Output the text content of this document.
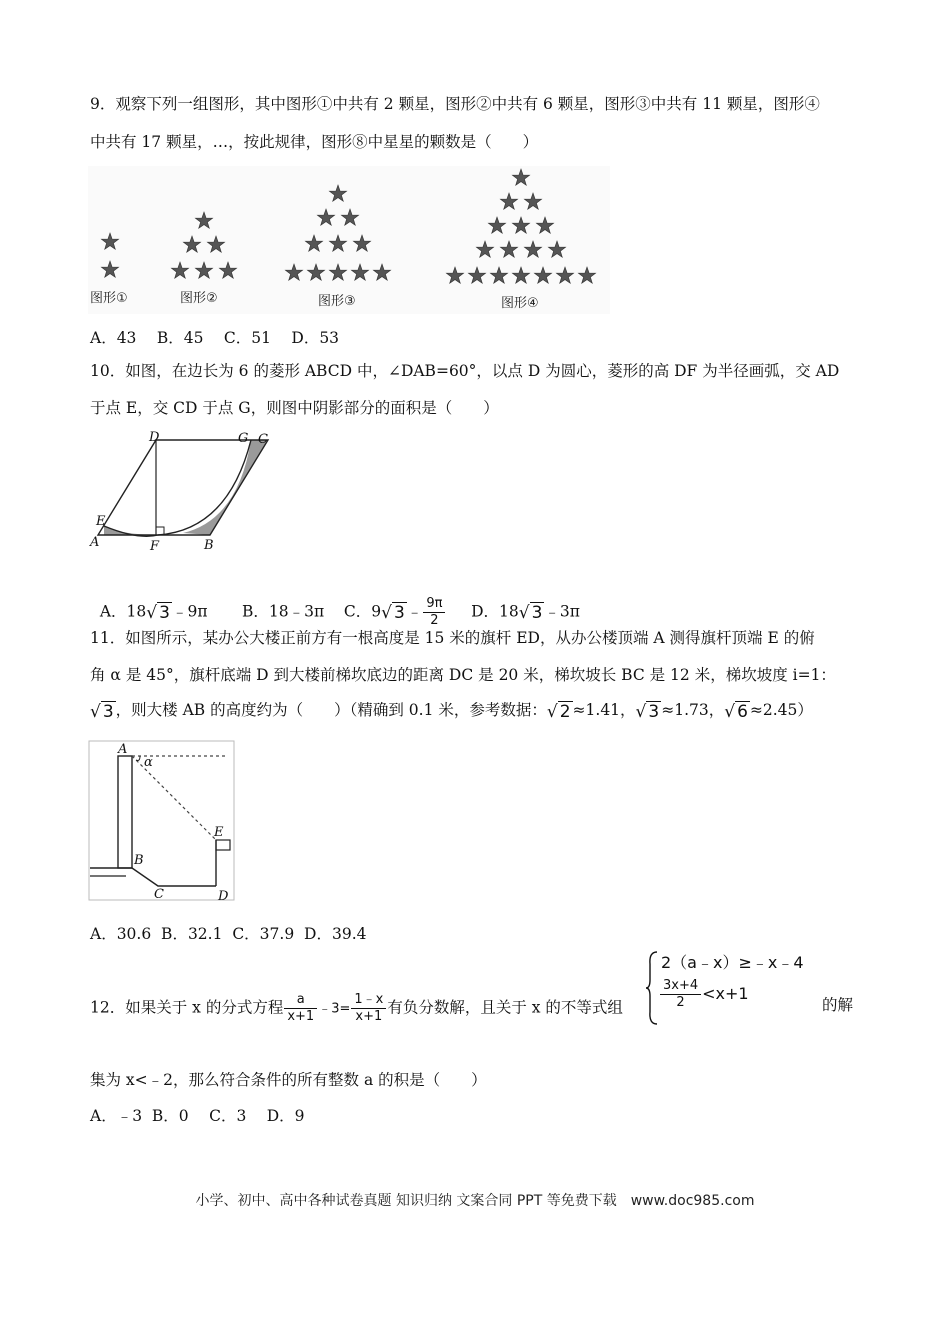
9．观察下列一组图形，其中图形①中共有 2 颗星，图形②中共有 6 颗星，图形③中共有 11 颗星，图形④
中共有 17 颗星，…，按此规律，图形⑧中星星的颗数是（　　）
图形①	图形②	图形③	图形④
A．43　 B．45　 C．51　 D．53
10．如图，在边长为 6 的菱形 ABCD 中，∠DAB=60°，以点 D 为圆心，菱形的高 DF 为半径画弧，交 AD
于点 E，交 CD 于点 G，则图中阴影部分的面积是（　　）
D	G C
E
A	F	B

A．18√ 3 ﹣9π B．18﹣3π C．9√ 3 ﹣ $\frac{9\pi}{2}$ D．18√ 3 ﹣3π

11．如图所示，某办公大楼正前方有一根高度是 15 米的旗杆 ED，从办公楼顶端 A 测得旗杆顶端 E 的俯
角 α 是 45°，旗杆底端 D 到大楼前梯坎底边的距离 DC 是 20 米，梯坎坡长 BC 是 12 米，梯坎坡度 i=1：
√ 3 ，则大楼 AB 的高度约为（　　）（精确到 0.1 米，参考数据：√ 2 ≈1.41，√ 3 ≈1.73，√ 6 ≈2.45）
A
α
E
B
C	D
A．30.6  B．32.1  C．37.9  D．39.4
12．如果关于 x 的分式方程 $\frac{a}{x+1}$ ﹣3= $\frac{1﹣x}{x+1}$ 有负分数解，且关于 x 的不等式组
2（a﹣x）≥﹣x﹣4
$\frac{3x+4}{2} <x+1$
的解
集为 x<﹣2，那么符合条件的所有整数 a 的积是（　　）
A．﹣3  B．0　 C．3　 D．9
小学、初中、高中各种试卷真题 知识归纳 文案合同 PPT 等免费下载　www.doc985.com
